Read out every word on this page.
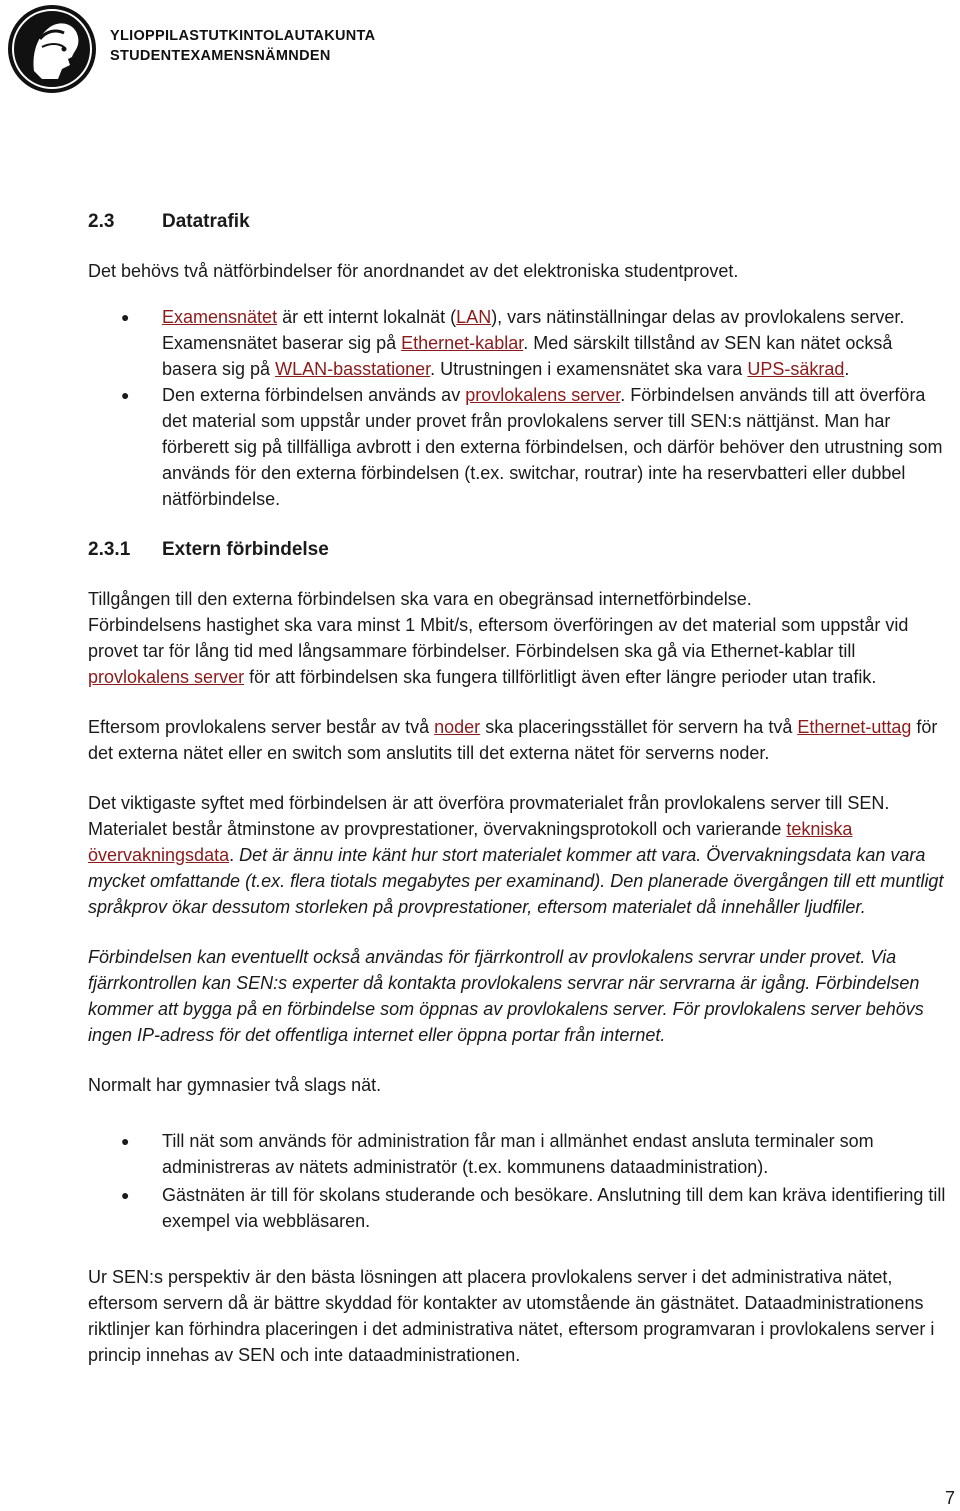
YLIOPPILASTUTKINTOLAUTAKUNTA
STUDENTEXAMENSNÄMNDEN
2.3	Datatrafik

Det behövs två nätförbindelser för anordnandet av det elektroniska studentprovet.

● Examensnätet är ett internt lokalnät (LAN), vars nätinställningar delas av provlokalens server. Examensnätet baserar sig på Ethernet-kablar. Med särskilt tillstånd av SEN kan nätet också basera sig på WLAN-basstationer. Utrustningen i examensnätet ska vara UPS-säkrad.
● Den externa förbindelsen används av provlokalens server. Förbindelsen används till att överföra det material som uppstår under provet från provlokalens server till SEN:s nättjänst. Man har förberett sig på tillfälliga avbrott i den externa förbindelsen, och därför behöver den utrustning som används för den externa förbindelsen (t.ex. switchar, routrar) inte ha reservbatteri eller dubbel nätförbindelse.
2.3.1	Extern förbindelse

Tillgången till den externa förbindelsen ska vara en obegränsad internetförbindelse.
Förbindelsens hastighet ska vara minst 1 Mbit/s, eftersom överföringen av det material som uppstår vid provet tar för lång tid med långsammare förbindelser. Förbindelsen ska gå via Ethernet-kablar till provlokalens server för att förbindelsen ska fungera tillförlitligt även efter längre perioder utan trafik.

Eftersom provlokalens server består av två noder ska placeringsstället för servern ha två Ethernet-uttag för det externa nätet eller en switch som anslutits till det externa nätet för serverns noder.

Det viktigaste syftet med förbindelsen är att överföra provmaterialet från provlokalens server till SEN. Materialet består åtminstone av provprestationer, övervakningsprotokoll och varierande tekniska övervakningsdata. Det är ännu inte känt hur stort materialet kommer att vara. Övervakningsdata kan vara mycket omfattande (t.ex. flera tiotals megabytes per examinand). Den planerade övergången till ett muntligt språkprov ökar dessutom storleken på provprestationer, eftersom materialet då innehåller ljudfiler.

Förbindelsen kan eventuellt också användas för fjärrkontroll av provlokalens servrar under provet. Via fjärrkontrollen kan SEN:s experter då kontakta provlokalens servrar när servrarna är igång. Förbindelsen kommer att bygga på en förbindelse som öppnas av provlokalens server. För provlokalens server behövs ingen IP-adress för det offentliga internet eller öppna portar från internet.

Normalt har gymnasier två slags nät.

● Till nät som används för administration får man i allmänhet endast ansluta terminaler som administreras av nätets administratör (t.ex. kommunens dataadministration).
● Gästnäten är till för skolans studerande och besökare. Anslutning till dem kan kräva identifiering till exempel via webbläsaren.

Ur SEN:s perspektiv är den bästa lösningen att placera provlokalens server i det administrativa nätet, eftersom servern då är bättre skyddad för kontakter av utomstående än gästnätet. Dataadministrationens riktlinjer kan förhindra placeringen i det administrativa nätet, eftersom programvaran i provlokalens server i princip innehas av SEN och inte dataadministrationen.

7
